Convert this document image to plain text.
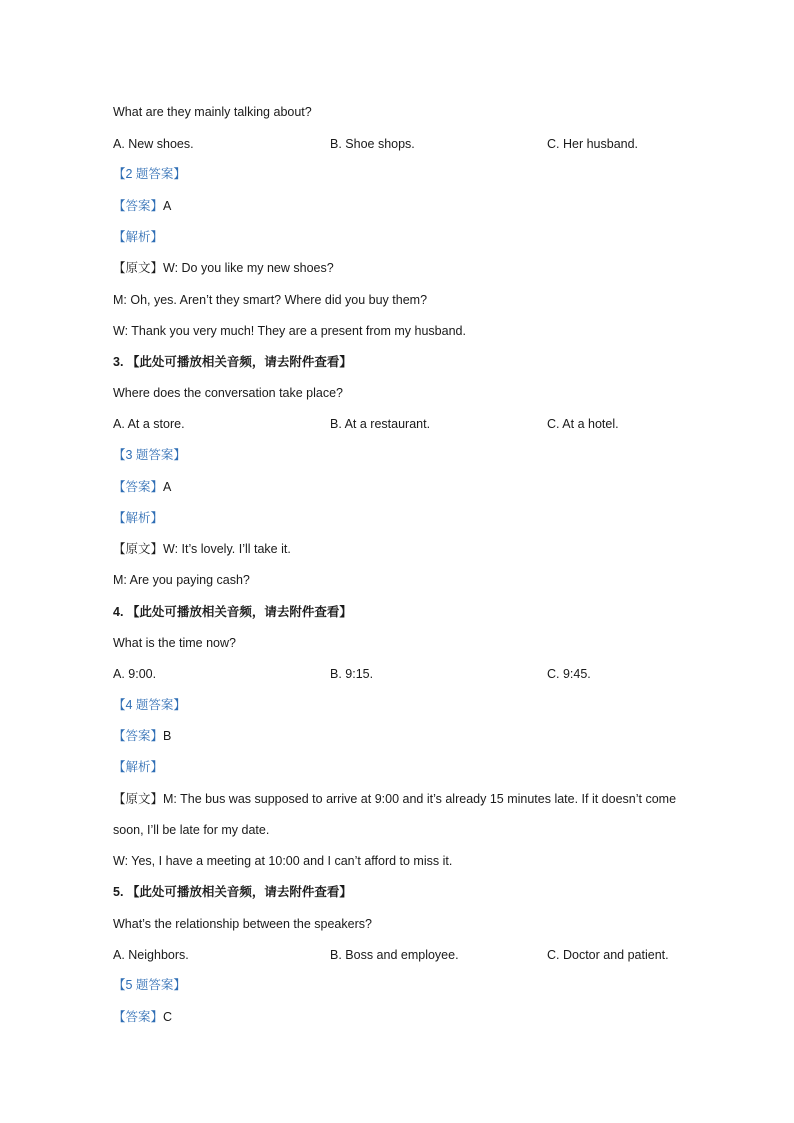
What are they mainly talking about?
A. New shoes.	B. Shoe shops.	C. Her husband.
【2 题答案】
【答案】A
【解析】
【原文】W: Do you like my new shoes?
M: Oh, yes. Aren’t they smart? Where did you buy them?
W: Thank you very much! They are a present from my husband.
3. 【此处可播放相关音频，请去附件查看】
Where does the conversation take place?
A. At a store.	B. At a restaurant.	C. At a hotel.
【3 题答案】
【答案】A
【解析】
【原文】W: It’s lovely. I’ll take it.
M: Are you paying cash?
4. 【此处可播放相关音频，请去附件查看】
What is the time now?
A. 9:00.	B. 9:15.	C. 9:45.
【4 题答案】
【答案】B
【解析】
【原文】M: The bus was supposed to arrive at 9:00 and it’s already 15 minutes late. If it doesn’t come
soon, I’ll be late for my date.
W: Yes, I have a meeting at 10:00 and I can’t afford to miss it.
5. 【此处可播放相关音频，请去附件查看】
What’s the relationship between the speakers?
A. Neighbors.	B. Boss and employee.	C. Doctor and patient.
【5 题答案】
【答案】C
